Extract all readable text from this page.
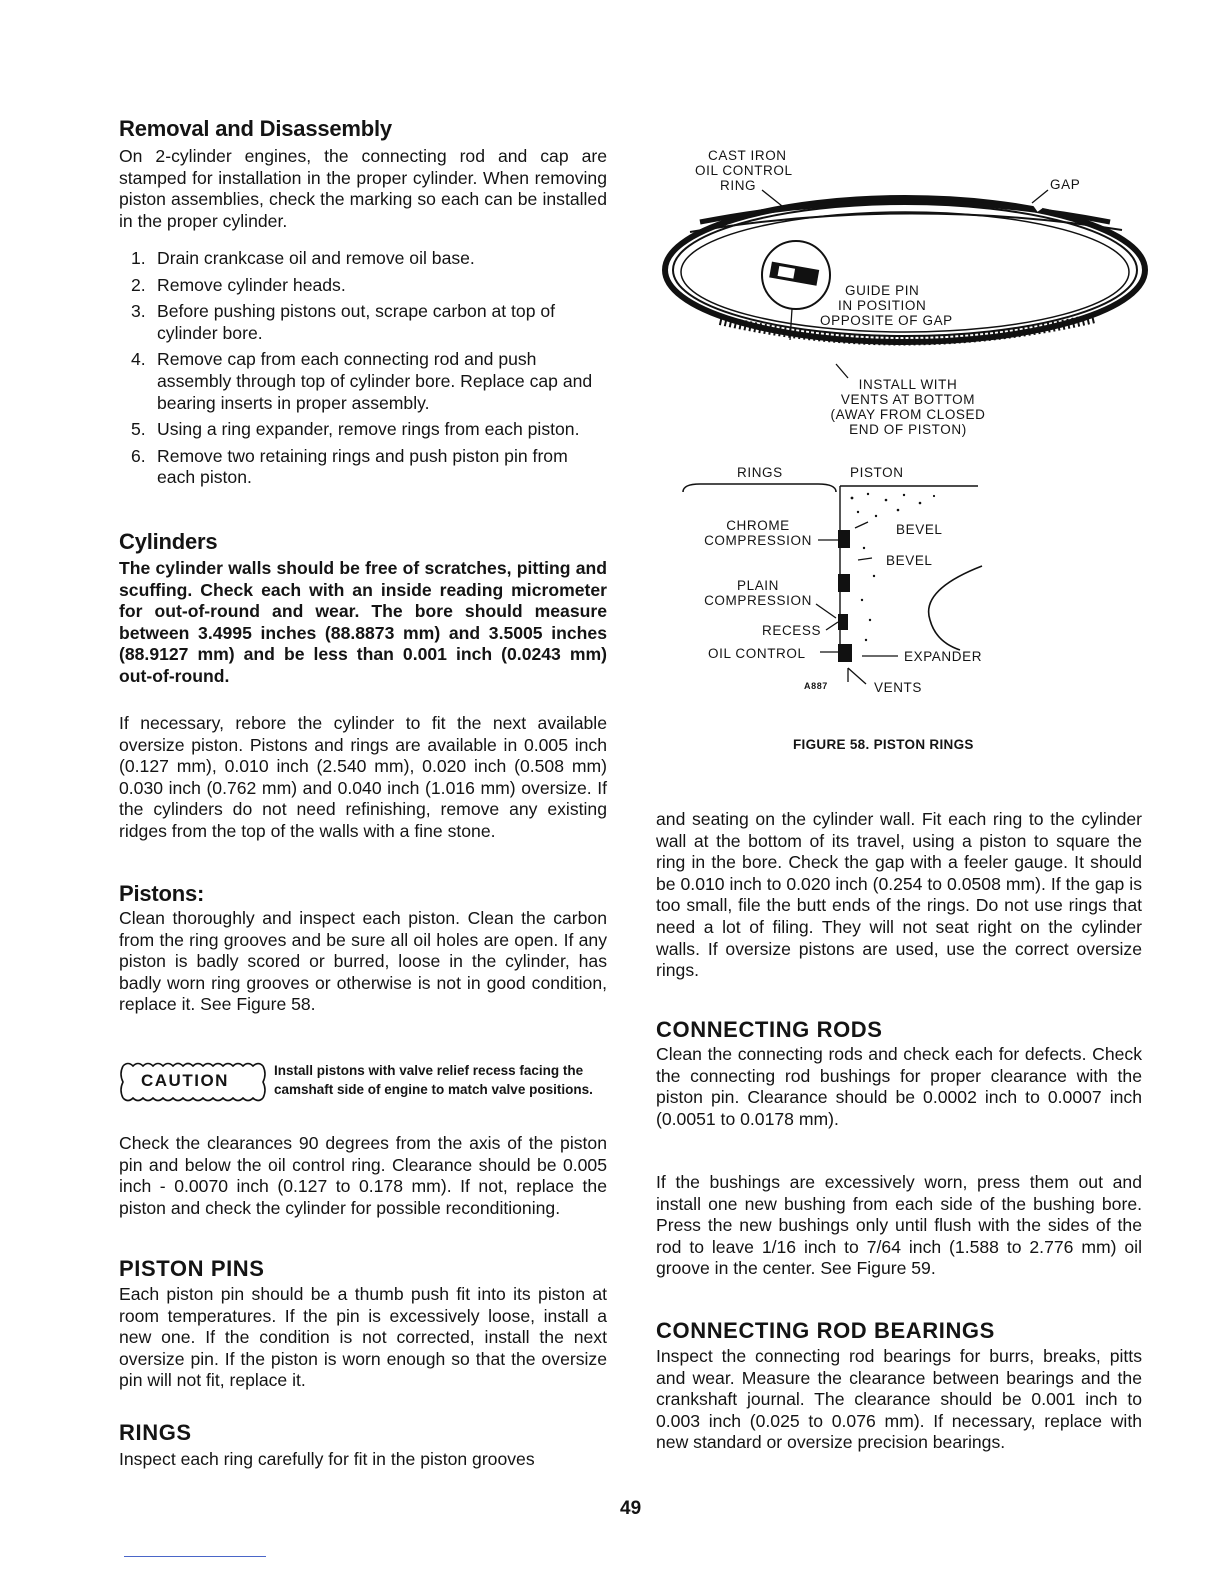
Removal and Disassembly

On 2-cylinder engines, the connecting rod and cap are stamped for installation in the proper cylinder. When removing piston assemblies, check the marking so each can be installed in the proper cylinder.

1. Drain crankcase oil and remove oil base.
2. Remove cylinder heads.
3. Before pushing pistons out, scrape carbon at top of cylinder bore.
4. Remove cap from each connecting rod and push assembly through top of cylinder bore. Replace cap and bearing inserts in proper assembly.
5. Using a ring expander, remove rings from each piston.
6. Remove two retaining rings and push piston pin from each piston.
Cylinders

The cylinder walls should be free of scratches, pitting and scuffing. Check each with an inside reading micrometer for out-of-round and wear. The bore should measure between 3.4995 inches (88.8873 mm) and 3.5005 inches (88.9127 mm) and be less than 0.001 inch (0.0243 mm) out-of-round.

If necessary, rebore the cylinder to fit the next available oversize piston. Pistons and rings are available in 0.005 inch (0.127 mm), 0.010 inch (2.540 mm), 0.020 inch (0.508 mm) 0.030 inch (0.762 mm) and 0.040 inch (1.016 mm) oversize. If the cylinders do not need refinishing, remove any existing ridges from the top of the walls with a fine stone.

Pistons:

Clean thoroughly and inspect each piston. Clean the carbon from the ring grooves and be sure all oil holes are open. If any piston is badly scored or burred, loose in the cylinder, has badly worn ring grooves or otherwise is not in good condition, replace it. See Figure 58.

CAUTION
Install pistons with valve relief recess facing the camshaft side of engine to match valve positions.

Check the clearances 90 degrees from the axis of the piston pin and below the oil control ring. Clearance should be 0.005 inch - 0.0070 inch (0.127 to 0.178 mm). If not, replace the piston and check the cylinder for possible reconditioning.

PISTON PINS

Each piston pin should be a thumb push fit into its piston at room temperatures. If the pin is excessively loose, install a new one. If the condition is not corrected, install the next oversize pin. If the piston is worn enough so that the oversize pin will not fit, replace it.

RINGS

Inspect each ring carefully for fit in the piston grooves

CAST IRON
OIL CONTROL
RING	GAP
GUIDE PIN
IN POSITION
OPPOSITE OF GAP
INSTALL WITH
VENTS AT BOTTOM
(AWAY FROM CLOSED
END OF PISTON)
RINGS	PISTON
CHROME
COMPRESSION
BEVEL
BEVEL
PLAIN
COMPRESSION
RECESS
OIL CONTROL	EXPANDER
A887	VENTS
FIGURE 58. PISTON RINGS

and seating on the cylinder wall. Fit each ring to the cylinder wall at the bottom of its travel, using a piston to square the ring in the bore. Check the gap with a feeler gauge. It should be 0.010 inch to 0.020 inch (0.254 to 0.0508 mm). If the gap is too small, file the butt ends of the rings. Do not use rings that need a lot of filing. They will not seat right on the cylinder walls. If oversize pistons are used, use the correct oversize rings.

CONNECTING RODS

Clean the connecting rods and check each for defects. Check the connecting rod bushings for proper clearance with the piston pin. Clearance should be 0.0002 inch to 0.0007 inch (0.0051 to 0.0178 mm).

If the bushings are excessively worn, press them out and install one new bushing from each side of the bushing bore. Press the new bushings only until flush with the sides of the rod to leave 1/16 inch to 7/64 inch (1.588 to 2.776 mm) oil groove in the center. See Figure 59.

CONNECTING ROD BEARINGS

Inspect the connecting rod bearings for burrs, breaks, pitts and wear. Measure the clearance between bearings and the crankshaft journal. The clearance should be 0.001 inch to 0.003 inch (0.025 to 0.076 mm). If necessary, replace with new standard or oversize precision bearings.

49
